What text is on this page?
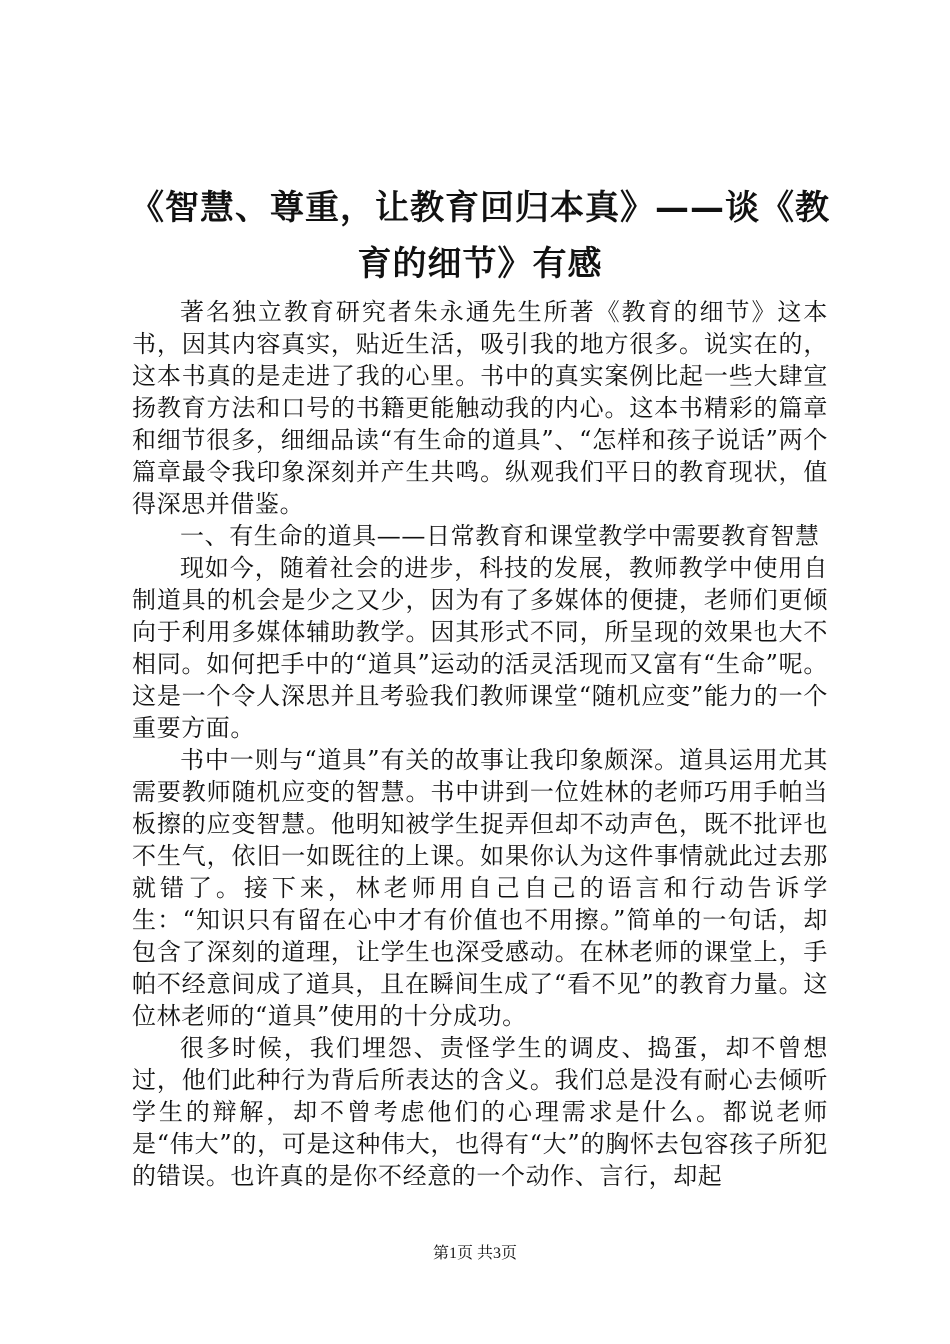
《智慧、尊重，让教育回归本真》——谈《教育的细节》有感

著名独立教育研究者朱永通先生所著《教育的细节》这本书，因其内容真实，贴近生活，吸引我的地方很多。说实在的，这本书真的是走进了我的心里。书中的真实案例比起一些大肆宣扬教育方法和口号的书籍更能触动我的内心。这本书精彩的篇章和细节很多，细细品读“有生命的道具”、“怎样和孩子说话”两个篇章最令我印象深刻并产生共鸣。纵观我们平日的教育现状，值得深思并借鉴。

一、有生命的道具——日常教育和课堂教学中需要教育智慧

现如今，随着社会的进步，科技的发展，教师教学中使用自制道具的机会是少之又少，因为有了多媒体的便捷，老师们更倾向于利用多媒体辅助教学。因其形式不同，所呈现的效果也大不相同。如何把手中的“道具”运动的活灵活现而又富有“生命”呢。这是一个令人深思并且考验我们教师课堂“随机应变”能力的一个重要方面。

书中一则与“道具”有关的故事让我印象颇深。道具运用尤其需要教师随机应变的智慧。书中讲到一位姓林的老师巧用手帕当板擦的应变智慧。他明知被学生捉弄但却不动声色，既不批评也不生气，依旧一如既往的上课。如果你认为这件事情就此过去那就错了。接下来，林老师用自己自己的语言和行动告诉学生：“知识只有留在心中才有价值也不用擦。”简单的一句话，却包含了深刻的道理，让学生也深受感动。在林老师的课堂上，手帕不经意间成了道具，且在瞬间生成了“看不见”的教育力量。这位林老师的“道具”使用的十分成功。

很多时候，我们埋怨、责怪学生的调皮、捣蛋，却不曾想过，他们此种行为背后所表达的含义。我们总是没有耐心去倾听学生的辩解，却不曾考虑他们的心理需求是什么。都说老师是“伟大”的，可是这种伟大，也得有“大”的胸怀去包容孩子所犯的错误。也许真的是你不经意的一个动作、言行，却起

第1页 共3页
